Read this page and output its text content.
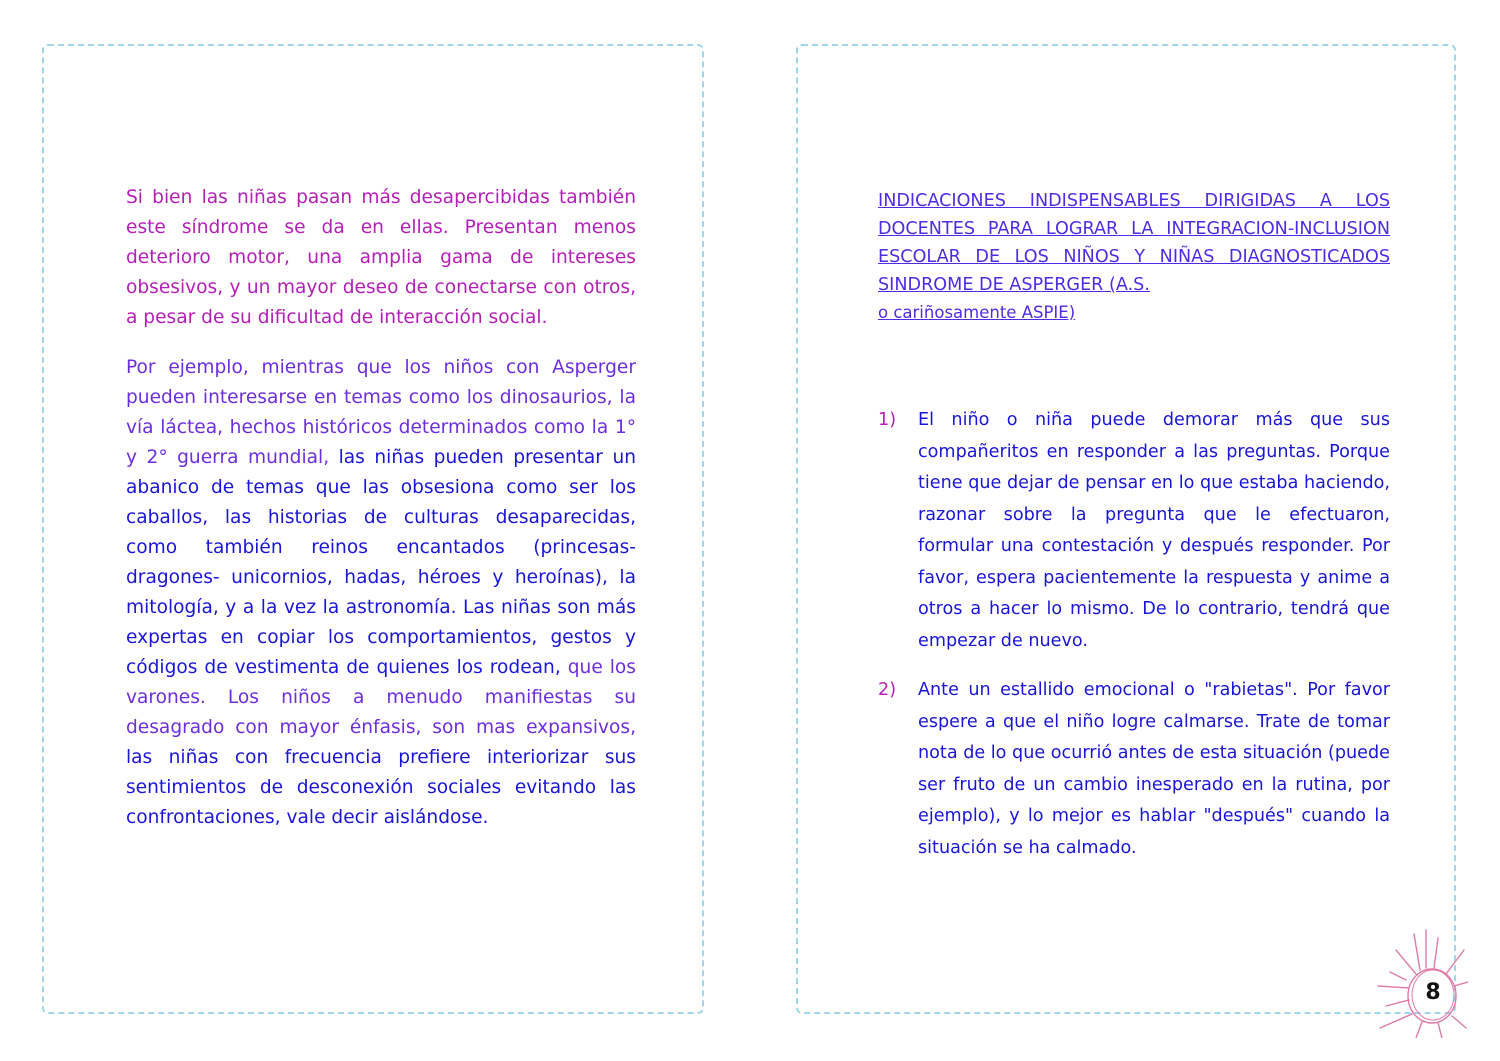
Si bien las niñas pasan más desapercibidas también este síndrome se da en ellas. Presentan menos deterioro motor, una amplia gama de intereses obsesivos, y un mayor deseo de conectarse con otros, a pesar de su dificultad de interacción social.

Por ejemplo, mientras que los niños con Asperger pueden interesarse en temas como los dinosaurios, la vía láctea, hechos históricos determinados como la 1° y 2° guerra mundial, las niñas pueden presentar un abanico de temas que las obsesiona como ser los caballos, las historias de culturas desaparecidas, como también reinos encantados (princesas-dragones- unicornios, hadas, héroes y heroínas), la mitología, y a la vez la astronomía. Las niñas son más expertas en copiar los comportamientos, gestos y códigos de vestimenta de quienes los rodean, que los varones. Los niños a menudo manifiestas su desagrado con mayor énfasis, son mas expansivos, las niñas con frecuencia prefiere interiorizar sus sentimientos de desconexión sociales evitando las confrontaciones, vale decir aislándose.

INDICACIONES INDISPENSABLES DIRIGIDAS A LOS DOCENTES PARA LOGRAR LA INTEGRACION-INCLUSION ESCOLAR DE LOS NIÑOS Y NIÑAS DIAGNOSTICADOS SINDROME DE ASPERGER (A.S.
o cariñosamente ASPIE)

1) El niño o niña puede demorar más que sus compañeritos en responder a las preguntas. Porque tiene que dejar de pensar en lo que estaba haciendo, razonar sobre la pregunta que le efectuaron, formular una contestación y después responder. Por favor, espera pacientemente la respuesta y anime a otros a hacer lo mismo. De lo contrario, tendrá que empezar de nuevo.
2) Ante un estallido emocional o "rabietas". Por favor espere a que el niño logre calmarse. Trate de tomar nota de lo que ocurrió antes de esta situación (puede ser fruto de un cambio inesperado en la rutina, por ejemplo), y lo mejor es hablar "después" cuando la situación se ha calmado.
8
